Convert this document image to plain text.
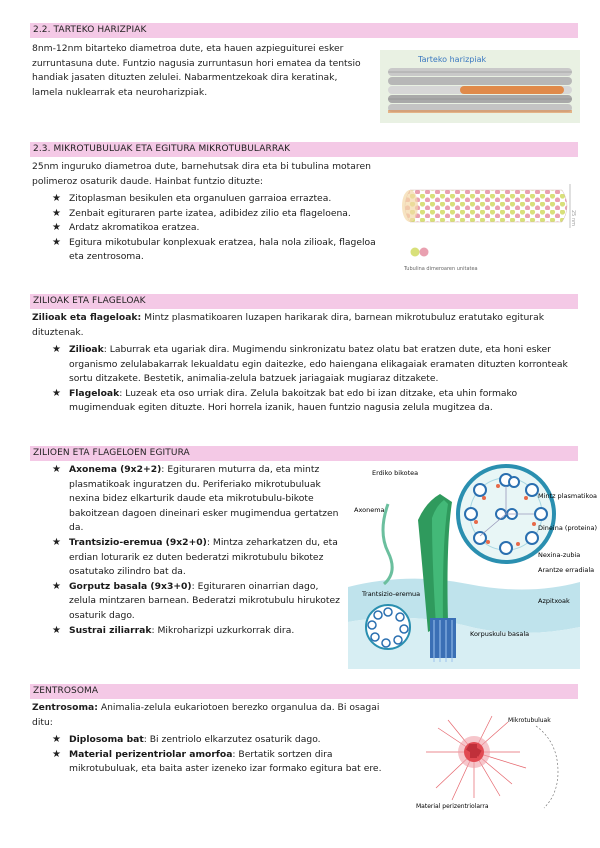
2.2. TARTEKO HARIZPIAK
8nm-12nm bitarteko diametroa dute, eta hauen azpieguiturei esker zurruntasuna dute. Funtzio nagusia zurruntasun hori ematea da tentsio handiak jasaten dituzten zelulei. Nabarmentzekoak dira keratinak, lamela nuklearrak eta neuroharizpiak.
Tarteko harizpiak
2.3. MIKROTUBULUAK ETA EGITURA MIKROTUBULARRAK
25nm inguruko diametroa dute, barnehutsak dira eta bi tubulina motaren polimeroz osaturik daude. Hainbat funtzio dituzte:
★ Zitoplasman besikulen eta organuluen garraioa erraztea.
★ Zenbait egituraren parte izatea, adibidez zilio eta flageloena.
★ Ardatz akromatikoa eratzea.
★ Egitura mikotubular konplexuak eratzea, hala nola zilioak, flageloa eta zentrosoma.
25 nm
Tubulina dimeroaren unitatea
ZILIOAK ETA FLAGELOAK
Zilioak eta flageloak: Mintz plasmatikoaren luzapen harikarak dira, barnean mikrotubuluz eratutako egiturak dituztenak.
★ Zilioak: Laburrak eta ugariak dira. Mugimendu sinkronizatu batez olatu bat eratzen dute, eta honi esker organismo zelulabakarrak lekualdatu egin daitezke, edo haiengana elikagaiak eramaten dituzten korronteak sortu ditzakete. Bestetik, animalia-zelula batzuek jariagaiak mugiaraz ditzakete.
★ Flageloak: Luzeak eta oso urriak dira. Zelula bakoitzak bat edo bi izan ditzake, eta uhin formako mugimenduak egiten dituzte. Hori horrela izanik, hauen funtzio nagusia zelula mugitzea da.
ZILIOEN ETA FLAGELOEN EGITURA
★ Axonema (9x2+2): Egituraren muturra da, eta mintz plasmatikoak inguratzen du. Periferiako mikrotubuluak nexina bidez elkarturik daude eta mikrotubulu-bikote bakoitzean dagoen dineinari esker mugimendua gertatzen da.
★ Trantsizio-eremua (9x2+0): Mintza zeharkatzen du, eta erdian loturarik ez duten bederatzi mikrotubulu bikotez osatutako zilindro bat da.
★ Gorputz basala (9x3+0): Egituraren oinarrian dago, zelula mintzaren barnean. Bederatzi mikrotubulu hirukotez osaturik dago.
★ Sustrai ziliarrak: Mikroharizpi uzkurkorrak dira.
Erdiko bikotea
Axonema
Mintz plasmatikoa
Dineina (proteina)
Nexina-zubia
Arantze erradiala
Azpitxoak
Trantsizio-eremua
Korpuskulu basala
ZENTROSOMA
Zentrosoma: Animalia-zelula eukariotoen berezko organulua da. Bi osagai ditu:
★ Diplosoma bat: Bi zentriolo elkarzutez osaturik dago.
★ Material perizentriolar amorfoa: Bertatik sortzen dira mikrotubuluak, eta baita aster izeneko izar formako egitura bat ere.
Mikrotubuluak
Material perizentriolarra
